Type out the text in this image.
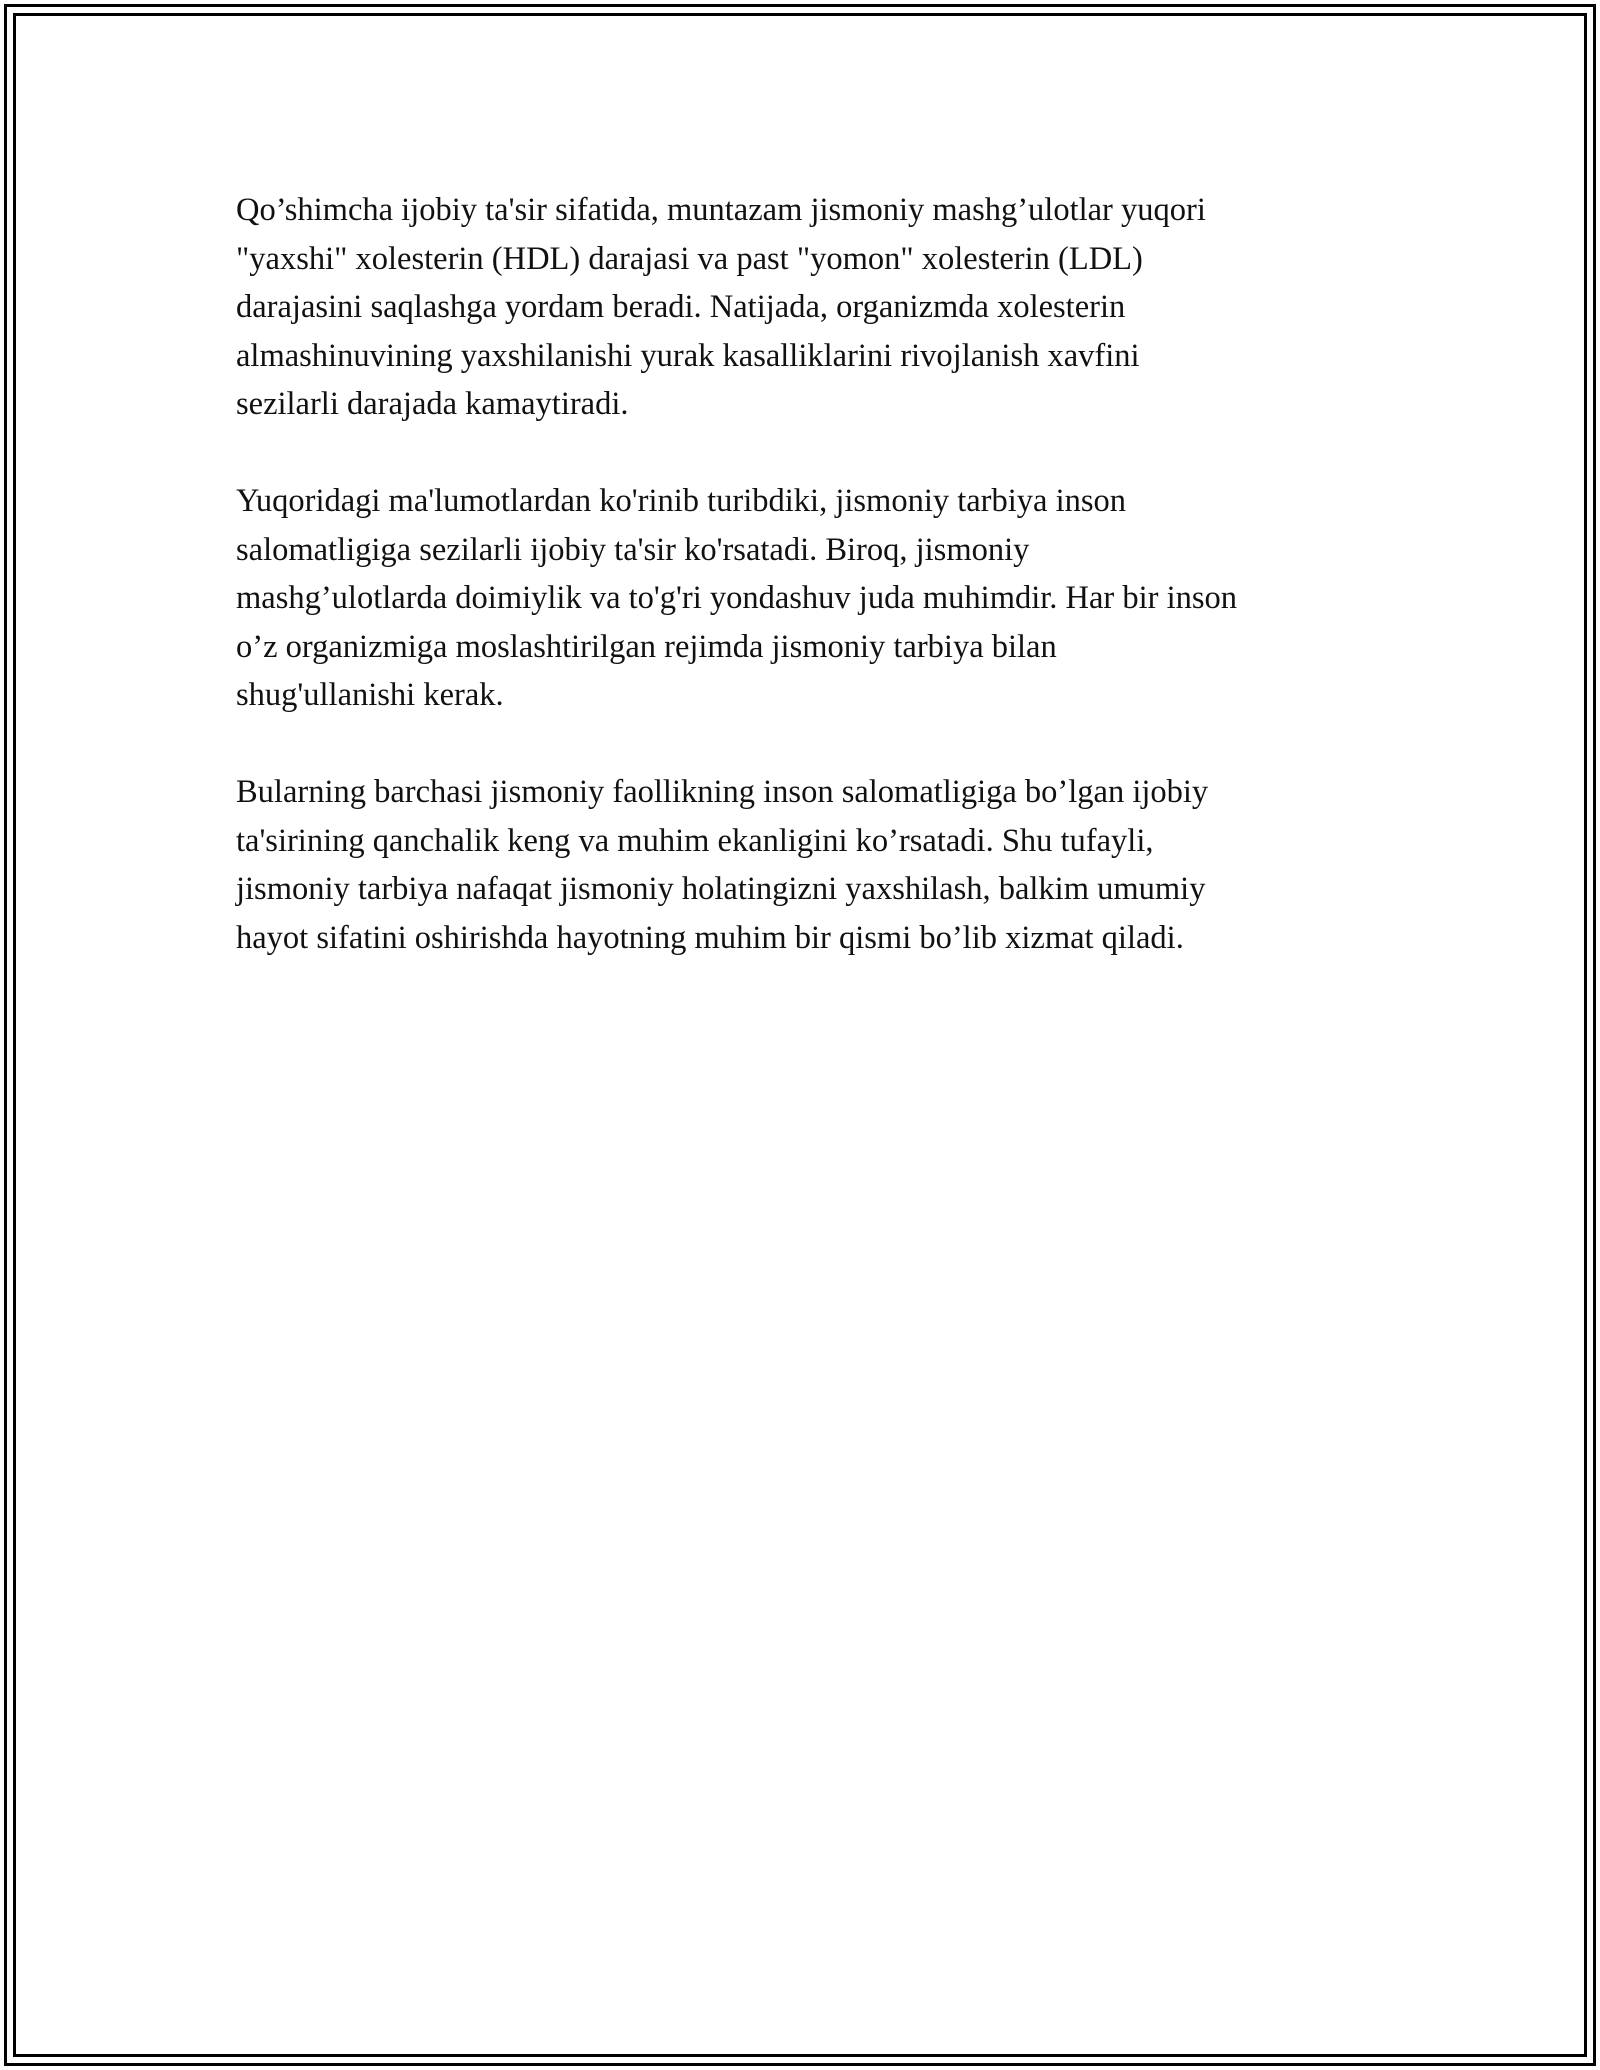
Qo’shimcha ijobiy ta'sir sifatida, muntazam jismoniy mashg’ulotlar yuqori
"yaxshi" xolesterin (HDL) darajasi va past "yomon" xolesterin (LDL)
darajasini saqlashga yordam beradi. Natijada, organizmda xolesterin
almashinuvining yaxshilanishi yurak kasalliklarini rivojlanish xavfini
sezilarli darajada kamaytiradi.

Yuqoridagi ma'lumotlardan ko'rinib turibdiki, jismoniy tarbiya inson
salomatligiga sezilarli ijobiy ta'sir ko'rsatadi. Biroq, jismoniy
mashg’ulotlarda doimiylik va to'g'ri yondashuv juda muhimdir. Har bir inson
o’z organizmiga moslashtirilgan rejimda jismoniy tarbiya bilan
shug'ullanishi kerak.

Bularning barchasi jismoniy faollikning inson salomatligiga bo’lgan ijobiy
ta'sirining qanchalik keng va muhim ekanligini ko’rsatadi. Shu tufayli,
jismoniy tarbiya nafaqat jismoniy holatingizni yaxshilash, balkim umumiy
hayot sifatini oshirishda hayotning muhim bir qismi bo’lib xizmat qiladi.
